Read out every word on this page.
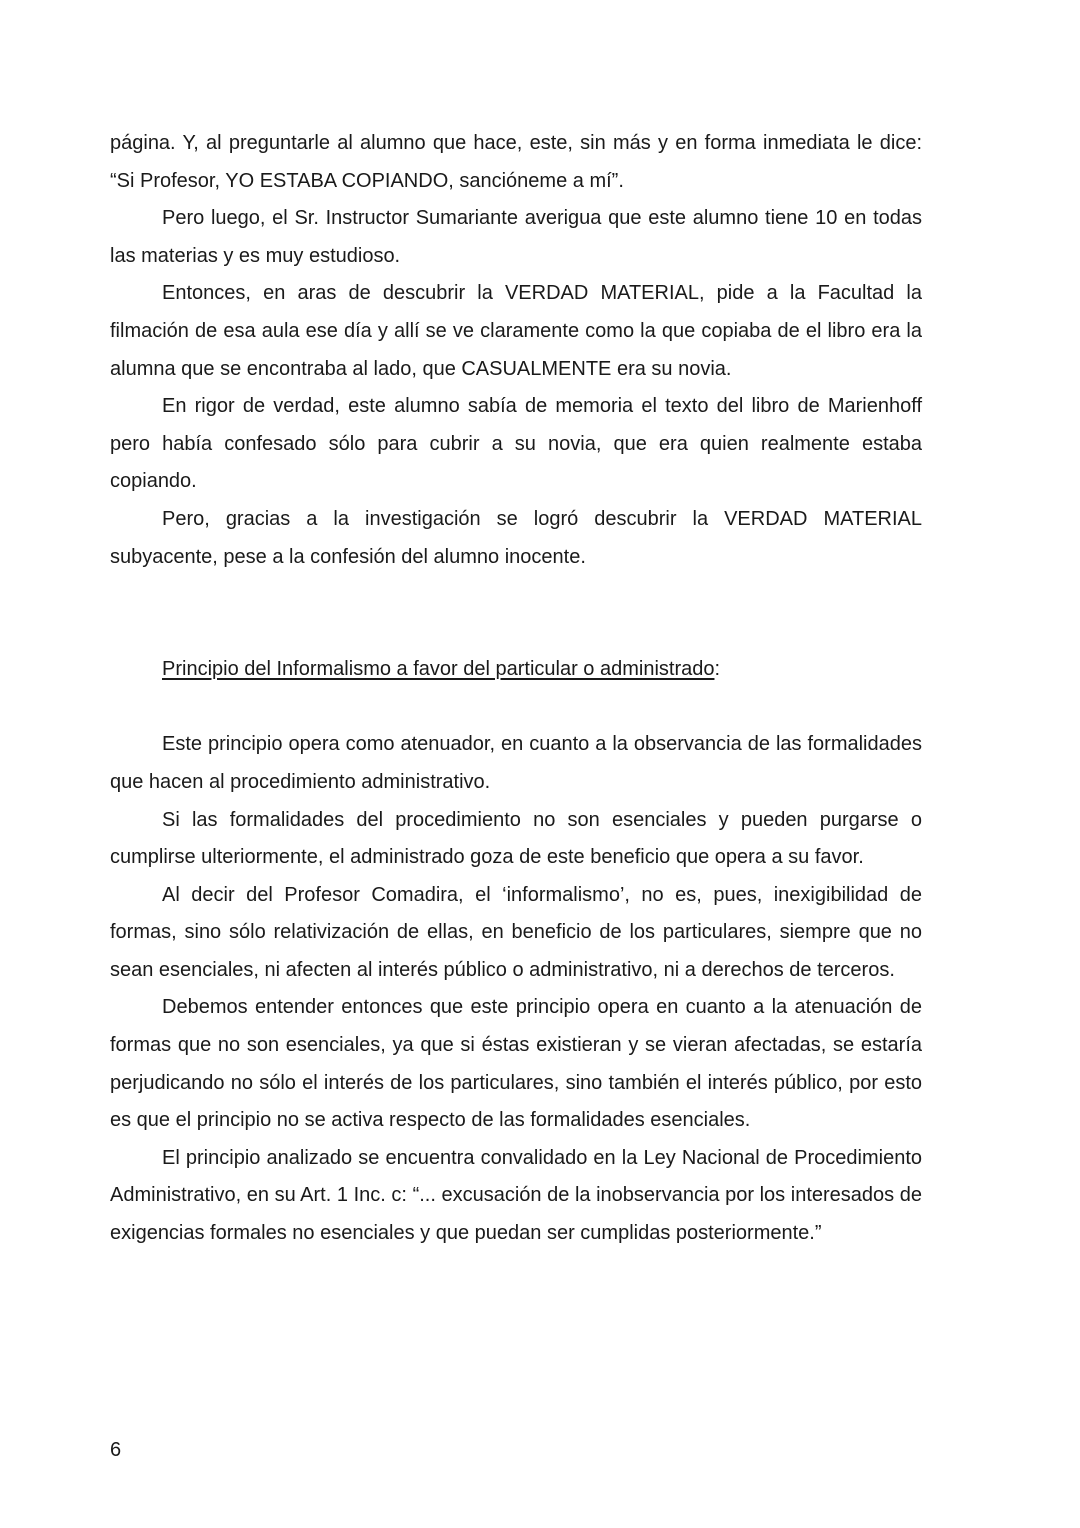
página. Y, al preguntarle al alumno que hace, este, sin más y en forma inmediata le dice: “Si Profesor, YO ESTABA COPIANDO, sanciónеme a mí”.

Pero luego, el Sr. Instructor Sumariante averigua que este alumno tiene 10 en todas las materias y es muy estudioso.

Entonces, en aras de descubrir la VERDAD MATERIAL, pide a la Facultad la filmación de esa aula ese día y allí se ve claramente como la que copiaba de el libro era la alumna que se encontraba al lado, que CASUALMENTE era su novia.

En rigor de verdad, este alumno sabía de memoria el texto del libro de Marienhoff pero había confesado sólo para cubrir a su novia, que era quien realmente estaba copiando.

Pero, gracias a la investigación se logró descubrir la VERDAD MATERIAL subyacente, pese a la confesión del alumno inocente.

Principio del Informalismo a favor del particular o administrado:

Este principio opera como atenuador, en cuanto a la observancia de las formalidades que hacen al procedimiento administrativo.

Si las formalidades del procedimiento no son esenciales y pueden purgarse o cumplirse ulteriormente, el administrado goza de este beneficio que opera a su favor.

Al decir del Profesor Comadira, el ‘informalismo’, no es, pues, inexigibilidad de formas, sino sólo relativización de ellas, en beneficio de los particulares, siempre que no sean esenciales, ni afecten al interés público o administrativo, ni a derechos de terceros.

Debemos entender entonces que este principio opera en cuanto a la atenuación de formas que no son esenciales, ya que si éstas existieran y se vieran afectadas, se estaría perjudicando no sólo el interés de los particulares, sino también el interés público, por esto es que el principio no se activa respecto de las formalidades esenciales.

El principio analizado se encuentra convalidado en la Ley Nacional de Procedimiento Administrativo, en su Art. 1 Inc. c: “... excusación de la inobservancia por los interesados de exigencias formales no esenciales y que puedan ser cumplidas posteriormente.”

6
